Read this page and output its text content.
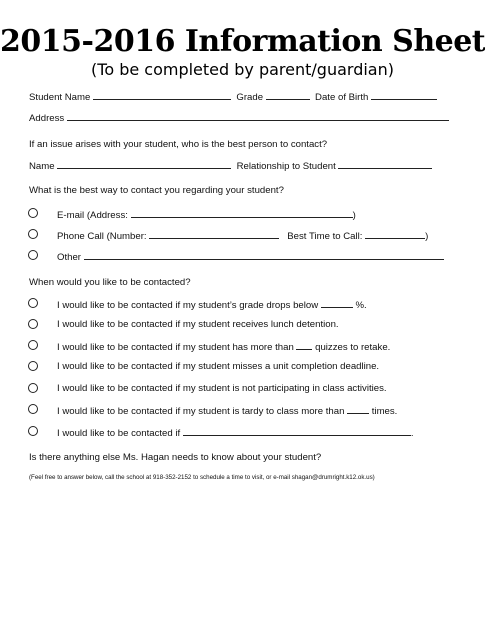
2015-2016 Information Sheet
(To be completed by parent/guardian)
Student Name	Grade	Date of Birth
Address
If an issue arises with your student, who is the best person to contact?
Name	Relationship to Student
What is the best way to contact you regarding your student?
E-mail (Address:	)
Phone Call (Number:	Best Time to Call:	)
Other
When would you like to be contacted?
I would like to be contacted if my student’s grade drops below	%.
I would like to be contacted if my student receives lunch detention.
I would like to be contacted if my student has more than quizzes to retake.
I would like to be contacted if my student misses a unit completion deadline.
I would like to be contacted if my student is not participating in class activities.
I would like to be contacted if my student is tardy to class more than	times.
I would like to be contacted if	.
Is there anything else Ms. Hagan needs to know about your student?
(Feel free to answer below, call the school at 918-352-2152 to schedule a time to visit, or e-mail shagan@drumright.k12.ok.us)
